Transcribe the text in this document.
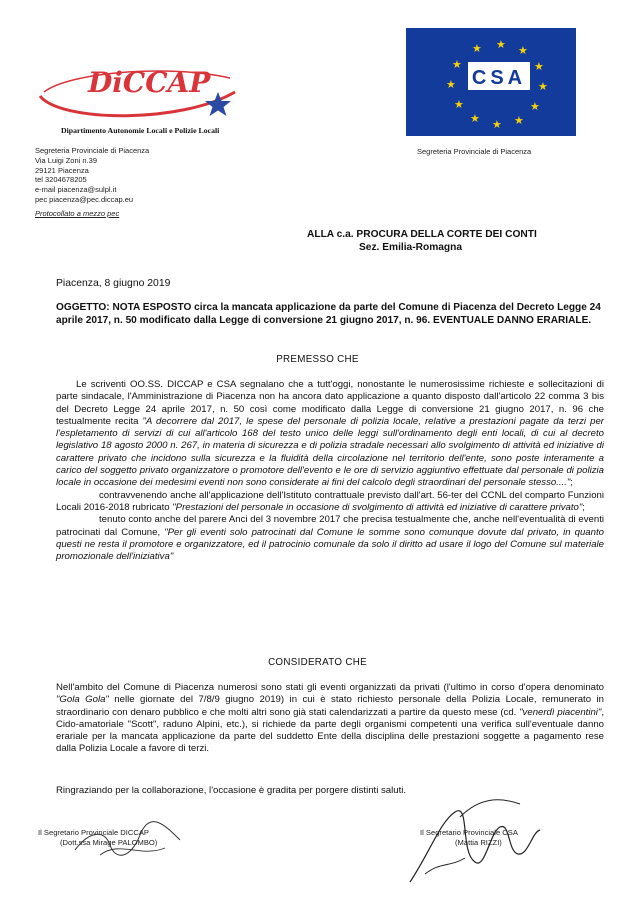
DiCCAP
Dipartimento Autonomie Locali e Polizie Locali
CSA
★ ★
★
★
★
★
★
★
★
★
★
★
Segreteria Provinciale di Piacenza
Segreteria Provinciale di Piacenza
Via Luigi Zoni n.39
29121 Piacenza
tel 3204678205
e-mail piacenza@sulpl.it
pec piacenza@pec.diccap.eu
Protocollato a mezzo pec
ALLA c.a. PROCURA DELLA CORTE DEI CONTI
Sez. Emilia-Romagna
Piacenza, 8 giugno 2019
OGGETTO: NOTA ESPOSTO circa la mancata applicazione da parte del Comune di Piacenza del Decreto Legge 24 aprile 2017, n. 50 modificato dalla Legge di conversione 21 giugno 2017, n. 96. EVENTUALE DANNO ERARIALE.
PREMESSO CHE

Le scriventi OO.SS. DICCAP e CSA segnalano che a tutt'oggi, nonostante le numerosissime richieste e sollecitazioni di parte sindacale, l'Amministrazione di Piacenza non ha ancora dato applicazione a quanto disposto dall'articolo 22 comma 3 bis del Decreto Legge 24 aprile 2017, n. 50 così come modificato dalla Legge di conversione 21 giugno 2017, n. 96 che testualmente recita "A decorrere dal 2017, le spese del personale di polizia locale, relative a prestazioni pagate da terzi per l'espletamento di servizi di cui all'articolo 168 del testo unico delle leggi sull'ordinamento degli enti locali, di cui al decreto legislativo 18 agosto 2000 n. 267, in materia di sicurezza e di polizia stradale necessari allo svolgimento di attività ed iniziative di carattere privato che incidono sulla sicurezza e la fluidità della circolazione nel territorio dell'ente, sono poste interamente a carico del soggetto privato organizzatore o promotore dell'evento e le ore di servizio aggiuntivo effettuate dal personale di polizia locale in occasione dei medesimi eventi non sono considerate ai fini del calcolo degli straordinari del personale stesso....";

contravvenendo anche all'applicazione dell'Istituto contrattuale previsto dall'art. 56-ter del CCNL del comparto Funzioni Locali 2016-2018 rubricato "Prestazioni del personale in occasione di svolgimento di attività ed iniziative di carattere privato";

tenuto conto anche del parere Anci del 3 novembre 2017 che precisa testualmente che, anche nell'eventualità di eventi patrocinati dal Comune, "Per gli eventi solo patrocinati dal Comune le somme sono comunque dovute dal privato, in quanto questi ne resta il promotore e organizzatore, ed il patrocinio comunale da solo il diritto ad usare il logo del Comune sul materiale promozionale dell'iniziativa"

CONSIDERATO CHE

Nell'ambito del Comune di Piacenza numerosi sono stati gli eventi organizzati da privati (l'ultimo in corso d'opera denominato "Gola Gola" nelle giornate del 7/8/9 giugno 2019) in cui è stato richiesto personale della Polizia Locale, remunerato in straordinario con denaro pubblico e che molti altri sono già stati calendarizzati a partire da questo mese (cd. "venerdì piacentini", Cido-amatoriale "Scott", raduno Alpini, etc.), si richiede da parte degli organismi competenti una verifica sull'eventuale danno erariale per la mancata applicazione da parte del suddetto Ente della disciplina delle prestazioni soggette a pagamento rese dalla Polizia Locale a favore di terzi.

Ringraziando per la collaborazione, l'occasione è gradita per porgere distinti saluti.
Il Segretario Provinciale DICCAP
(Dott.ssa Mirage PALOMBO)
Il Segretario Provinciale CSA
(Mattia RIZZI)
